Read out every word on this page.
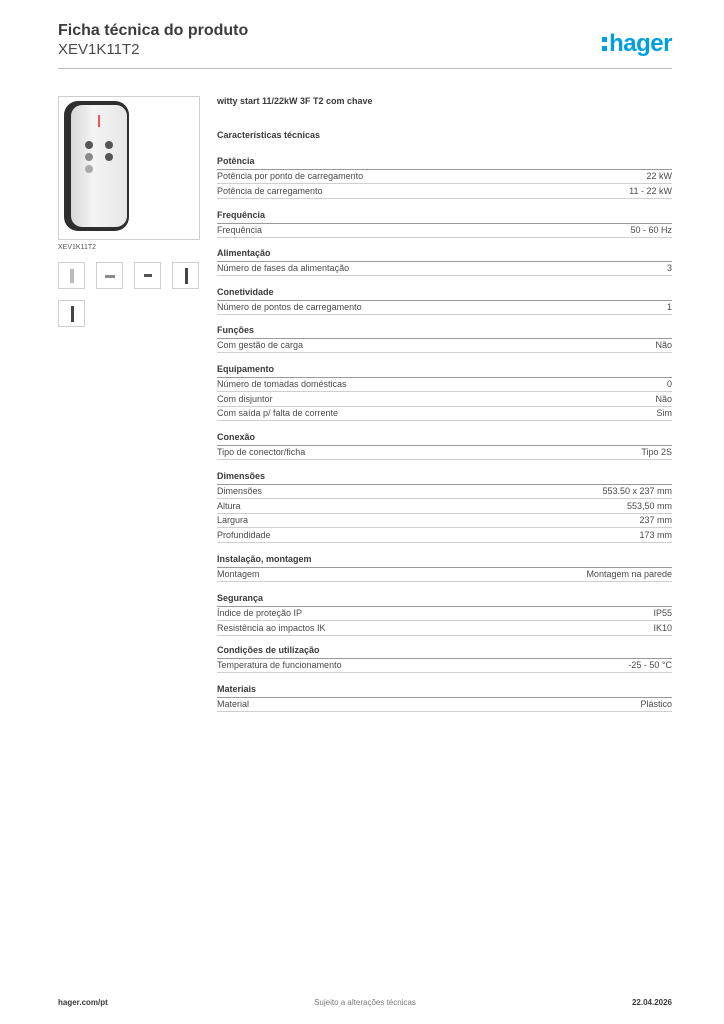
Ficha técnica do produto
XEV1K11T2	hager
XEV1K11T2
witty start 11/22kW 3F T2 com chave
Características técnicas
Potência
Potência por ponto de carregamento	22 kW
Potência de carregamento	11 - 22 kW
Frequência
Frequência	50 - 60 Hz
Alimentação
Número de fases da alimentação	3
Conetividade
Número de pontos de carregamento	1
Funções
Com gestão de carga	Não
Equipamento
Número de tomadas domésticas	0
Com disjuntor	Não
Com saída p/ falta de corrente	Sim
Conexão
Tipo de conector/ficha	Tipo 2S
Dimensões
Dimensões	553.50 x 237 mm
Altura	553,50 mm
Largura	237 mm
Profundidade	173 mm
Instalação, montagem
Montagem	Montagem na parede
Segurança
Índice de proteção IP	IP55
Resistência ao impactos IK	IK10
Condições de utilização
Temperatura de funcionamento	-25 - 50 °C
Materiais
Material	Plástico
hager.com/pt	Sujeito a alterações técnicas	22.04.2026
